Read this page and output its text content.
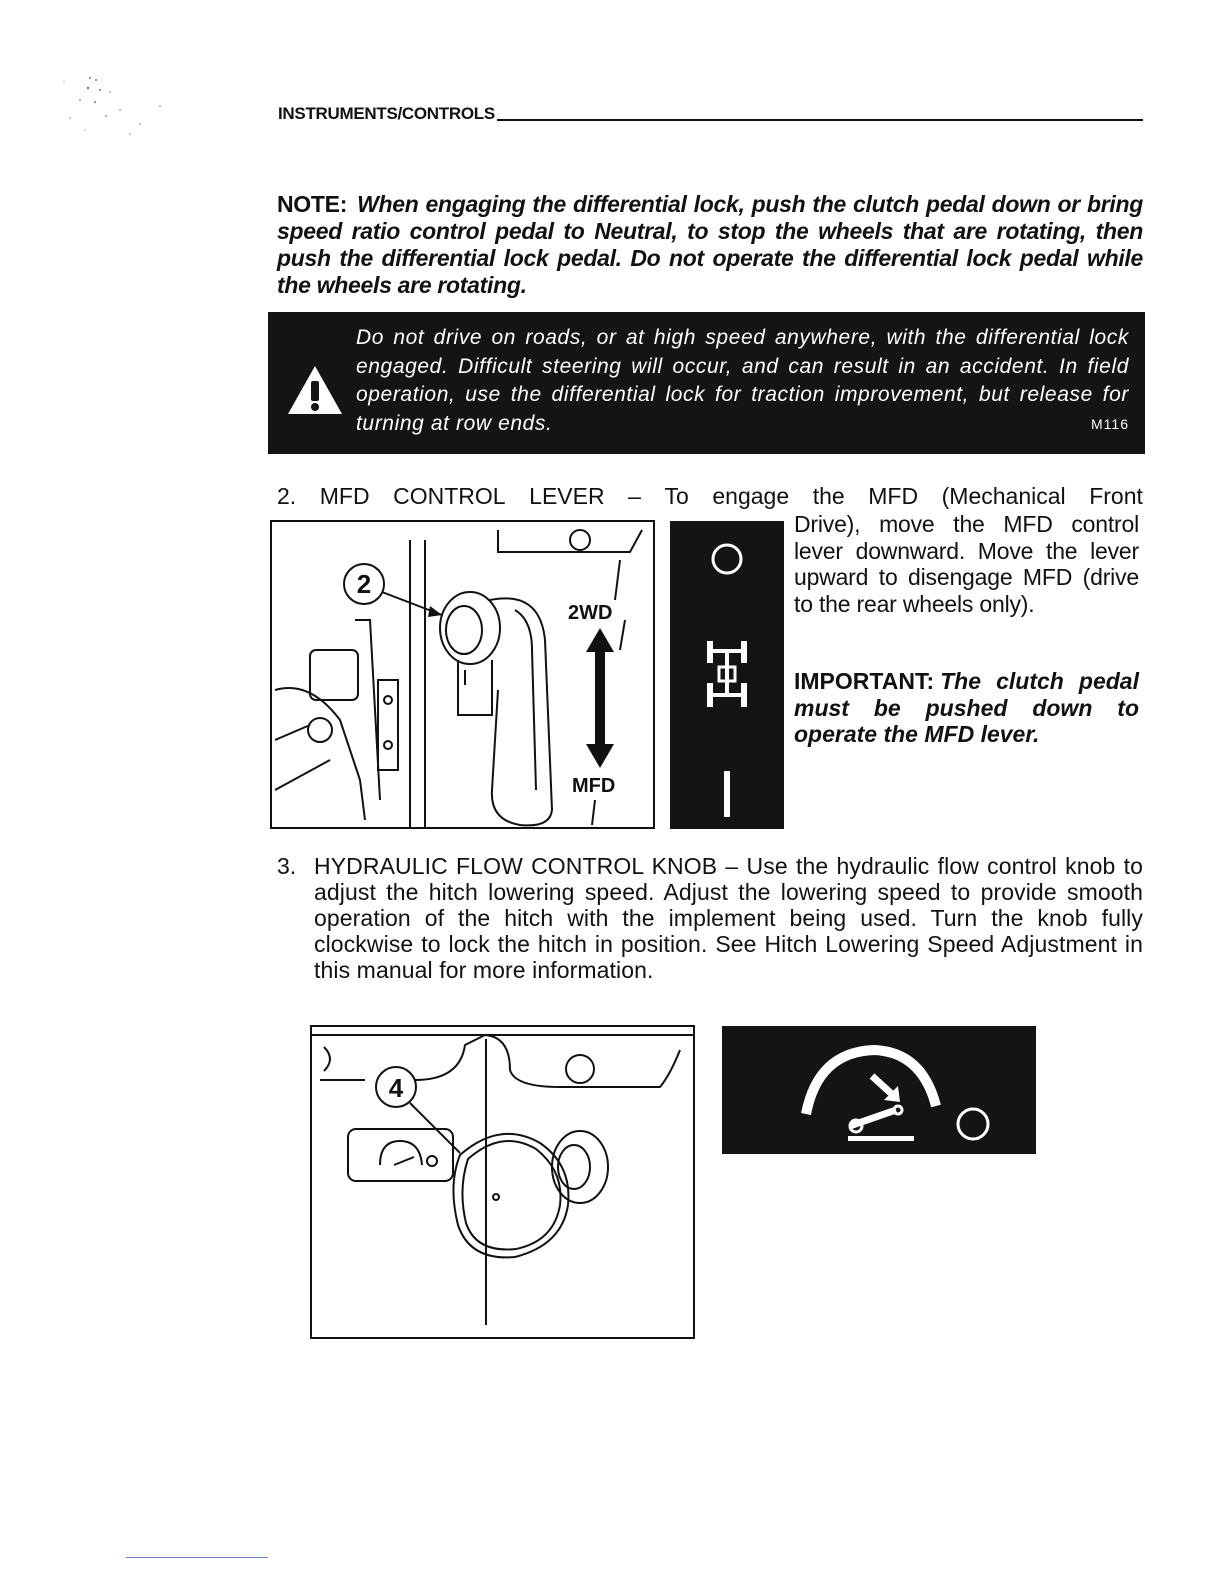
INSTRUMENTS/CONTROLS
NOTE: When engaging the differential lock, push the clutch pedal down or bring speed ratio control pedal to Neutral, to stop the wheels that are rotating, then push the differential lock pedal. Do not operate the differential lock pedal while the wheels are rotating.
Do not drive on roads, or at high speed anywhere, with the differential lock engaged. Difficult steering will occur, and can result in an accident. In field operation, use the differential lock for traction improvement, but release for turning at row ends.	M116
2. MFD CONTROL LEVER – To engage the MFD (Mechanical Front
Drive), move the MFD control lever downward. Move the lever upward to disengage MFD (drive to the rear wheels only).
IMPORTANT: The clutch pedal must be pushed down to operate the MFD lever.
2
2WD
MFD
3. HYDRAULIC FLOW CONTROL KNOB – Use the hydraulic flow control knob to adjust the hitch lowering speed. Adjust the lowering speed to provide smooth operation of the hitch with the implement being used. Turn the knob fully clockwise to lock the hitch in position. See Hitch Lowering Speed Adjustment in this manual for more information.
4
